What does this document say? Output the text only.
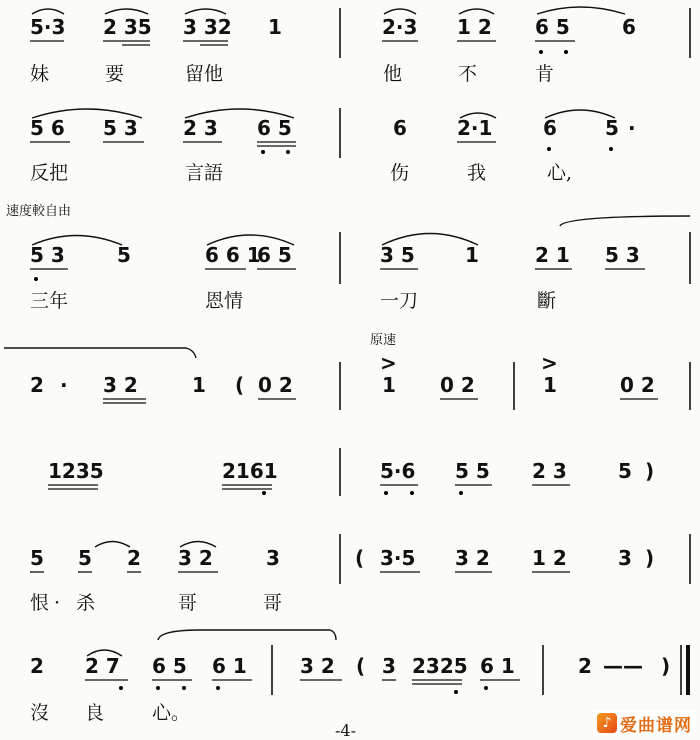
5·3 2 35 3 32 1	2·3 1 2 6 5	6
妹	要	留他	他	不	肯
5 6 5 3 2 3 6 5	6	2·1	6 5 ·
反把	言語	伤	我	心,
速度較自由
5 3	5	6 6 1
6 5	3 5	1	2 1 5 3
三年	恩情	一刀	斷
原速
2 · 3 2	1 ( 0 2	1 0 2	1	0 2
>	>
1235	2161	5·6 5 5 2 3	5 )
5 5 2 3 2	3	( 3·5 3 2 1 2	3 )
恨 · 杀	哥	哥
2 2 7 6 5 6 1	3 2 ( 3 2325 6 1	2 —— )
沒 良	心。
-4-	♪ 爱曲谱网
